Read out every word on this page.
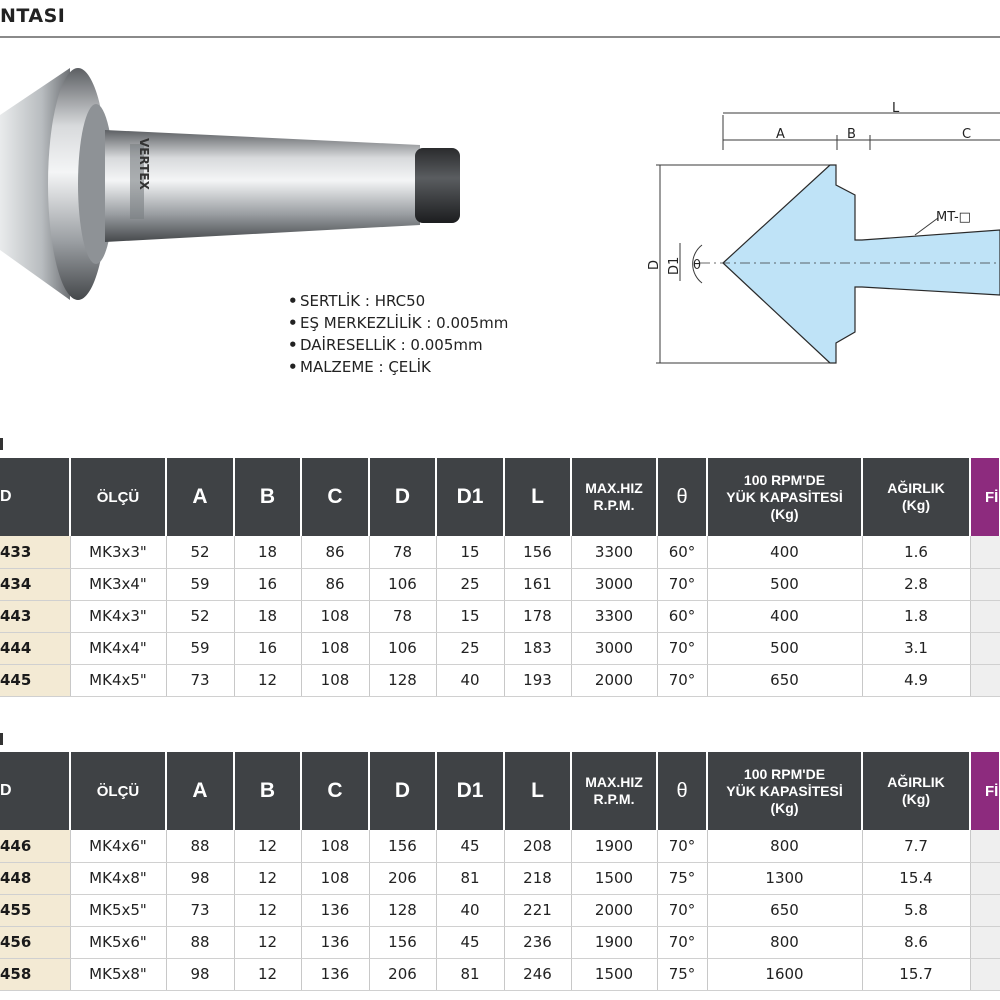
NTASI
VERTEX
• SERTLİK : HRC50
• EŞ MERKEZLİLİK : 0.005mm
• DAİRESELLİK : 0.005mm
• MALZEME : ÇELİK
L
A	B	C
D D1 θ
MT-□
D	ÖLÇÜ	A	B	C	D	D1	L	MAX.HIZ
R.P.M.	θ	100 RPM'DE
YÜK KAPASİTESİ
(Kg)	AĞIRLIK
(Kg)	Fİ
433	MK3x3"	52	18	86	78	15	156	3300	60°	400	1.6	
434	MK3x4"	59	16	86	106	25	161	3000	70°	500	2.8	
443	MK4x3"	52	18	108	78	15	178	3300	60°	400	1.8	
444	MK4x4"	59	16	108	106	25	183	3000	70°	500	3.1	
445	MK4x5"	73	12	108	128	40	193	2000	70°	650	4.9	
D	ÖLÇÜ	A	B	C	D	D1	L	MAX.HIZ
R.P.M.	θ	100 RPM'DE
YÜK KAPASİTESİ
(Kg)	AĞIRLIK
(Kg)	Fİ
446	MK4x6"	88	12	108	156	45	208	1900	70°	800	7.7	
448	MK4x8"	98	12	108	206	81	218	1500	75°	1300	15.4	
455	MK5x5"	73	12	136	128	40	221	2000	70°	650	5.8	
456	MK5x6"	88	12	136	156	45	236	1900	70°	800	8.6	
458	MK5x8"	98	12	136	206	81	246	1500	75°	1600	15.7	
